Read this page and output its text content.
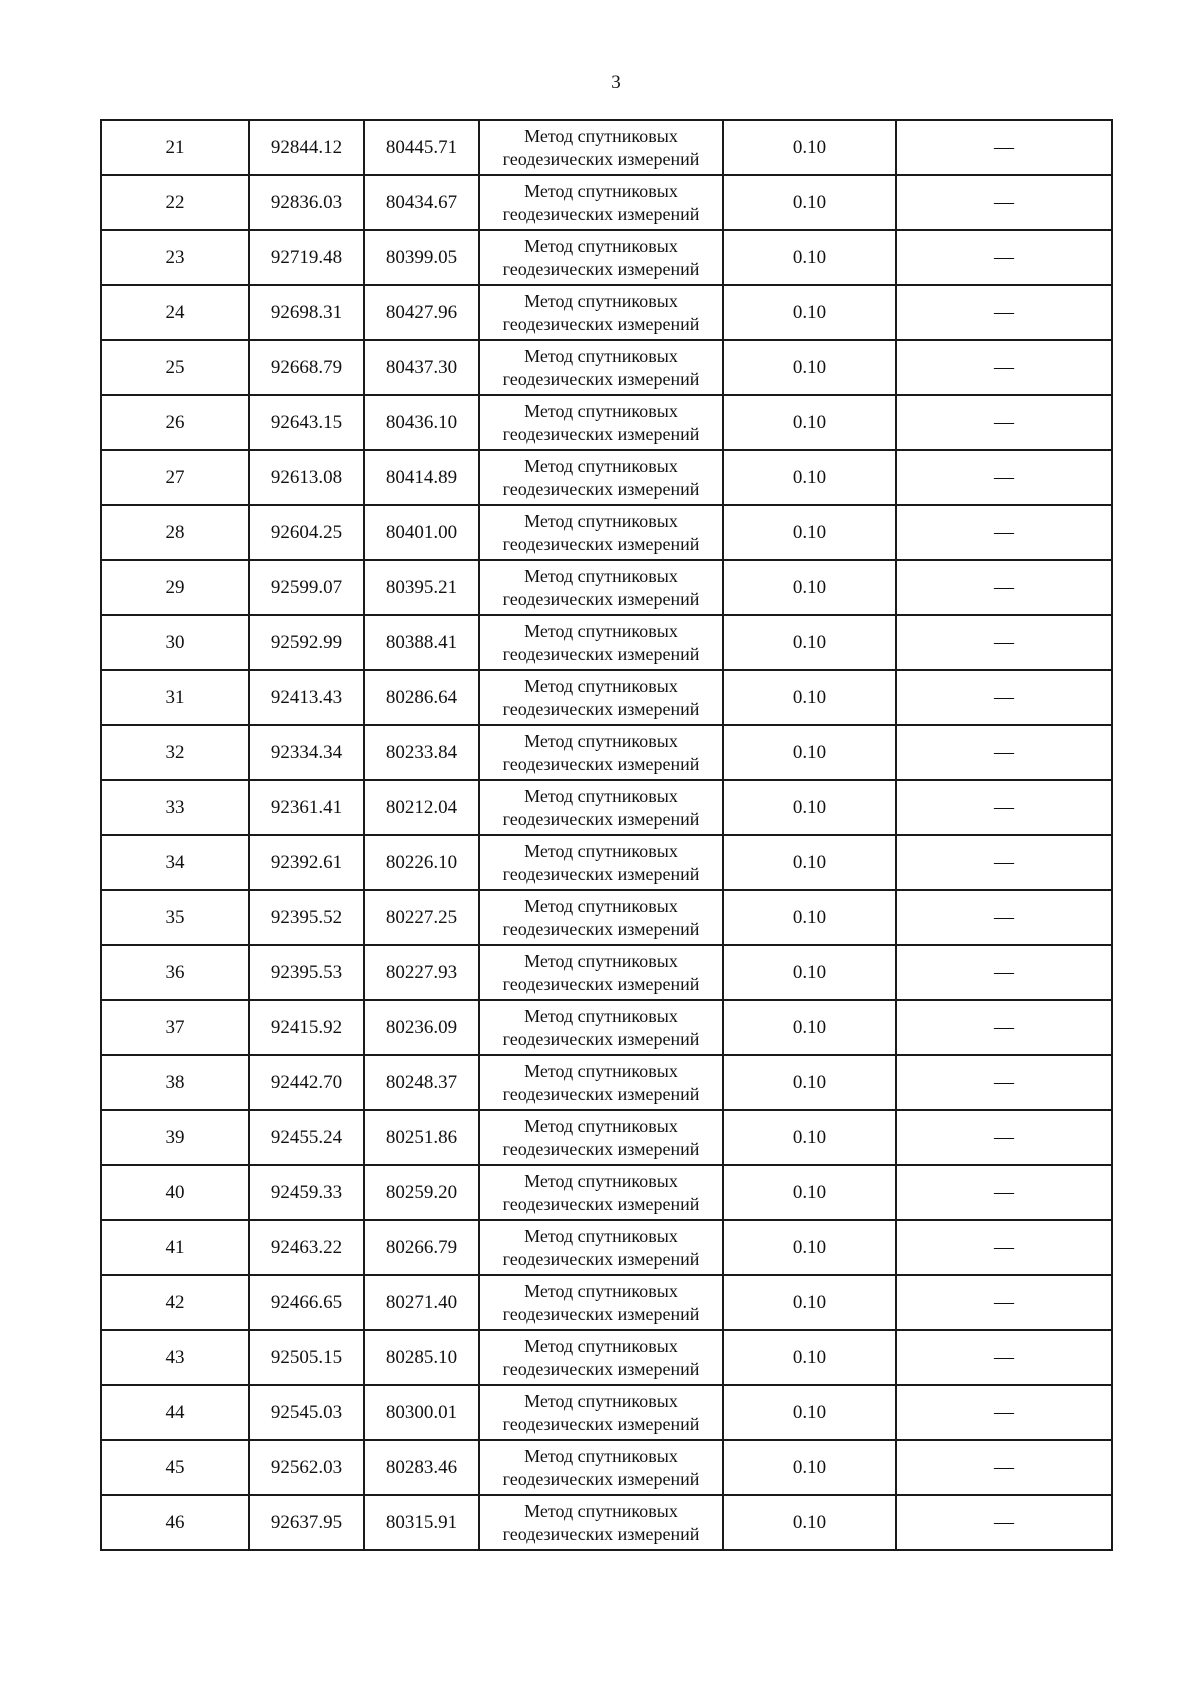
3
21	92844.12	80445.71	Метод спутниковых геодезических измерений	0.10	—
22	92836.03	80434.67	Метод спутниковых геодезических измерений	0.10	—
23	92719.48	80399.05	Метод спутниковых геодезических измерений	0.10	—
24	92698.31	80427.96	Метод спутниковых геодезических измерений	0.10	—
25	92668.79	80437.30	Метод спутниковых геодезических измерений	0.10	—
26	92643.15	80436.10	Метод спутниковых геодезических измерений	0.10	—
27	92613.08	80414.89	Метод спутниковых геодезических измерений	0.10	—
28	92604.25	80401.00	Метод спутниковых геодезических измерений	0.10	—
29	92599.07	80395.21	Метод спутниковых геодезических измерений	0.10	—
30	92592.99	80388.41	Метод спутниковых геодезических измерений	0.10	—
31	92413.43	80286.64	Метод спутниковых геодезических измерений	0.10	—
32	92334.34	80233.84	Метод спутниковых геодезических измерений	0.10	—
33	92361.41	80212.04	Метод спутниковых геодезических измерений	0.10	—
34	92392.61	80226.10	Метод спутниковых геодезических измерений	0.10	—
35	92395.52	80227.25	Метод спутниковых геодезических измерений	0.10	—
36	92395.53	80227.93	Метод спутниковых геодезических измерений	0.10	—
37	92415.92	80236.09	Метод спутниковых геодезических измерений	0.10	—
38	92442.70	80248.37	Метод спутниковых геодезических измерений	0.10	—
39	92455.24	80251.86	Метод спутниковых геодезических измерений	0.10	—
40	92459.33	80259.20	Метод спутниковых геодезических измерений	0.10	—
41	92463.22	80266.79	Метод спутниковых геодезических измерений	0.10	—
42	92466.65	80271.40	Метод спутниковых геодезических измерений	0.10	—
43	92505.15	80285.10	Метод спутниковых геодезических измерений	0.10	—
44	92545.03	80300.01	Метод спутниковых геодезических измерений	0.10	—
45	92562.03	80283.46	Метод спутниковых геодезических измерений	0.10	—
46	92637.95	80315.91	Метод спутниковых геодезических измерений	0.10	—
